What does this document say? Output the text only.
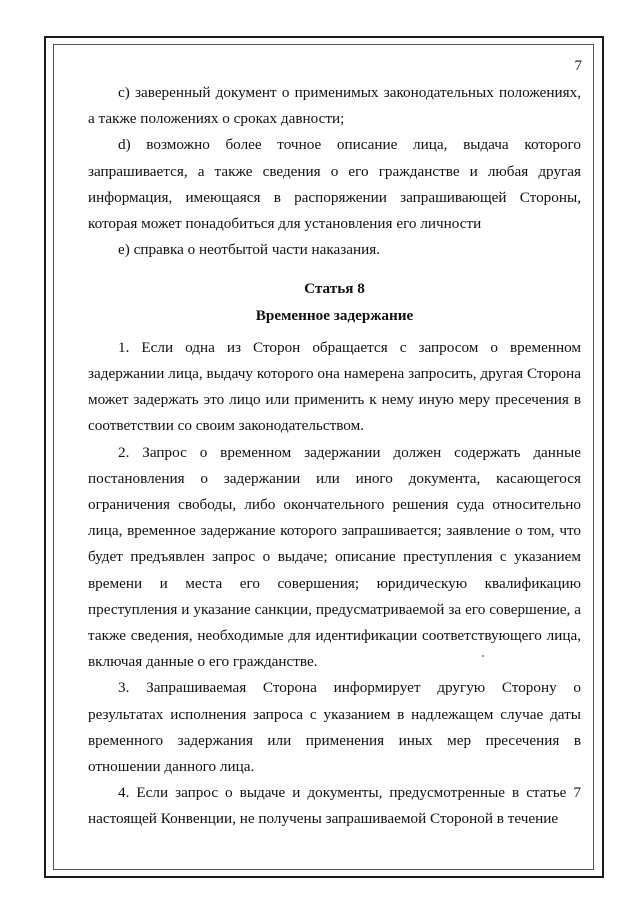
7

c) заверенный документ о применимых законодательных положениях, а также положениях о сроках давности;

d) возможно более точное описание лица, выдача которого запрашивается, а также сведения о его гражданстве и любая другая информация, имеющаяся в распоряжении запрашивающей Стороны, которая может понадобиться для установления его личности

e) справка о неотбытой части наказания.

Статья 8

Временное задержание

1. Если одна из Сторон обращается с запросом о временном задержании лица, выдачу которого она намерена запросить, другая Сторона может задержать это лицо или применить к нему иную меру пресечения в соответствии со своим законодательством.

2. Запрос о временном задержании должен содержать данные постановления о задержании или иного документа, касающегося ограничения свободы, либо окончательного решения суда относительно лица, временное задержание которого запрашивается; заявление о том, что будет предъявлен запрос о выдаче; описание преступления с указанием времени и места его совершения; юридическую квалификацию преступления и указание санкции, предусматриваемой за его совершение, а также сведения, необходимые для идентификации соответствующего лица, включая данные о его гражданстве.

3. Запрашиваемая Сторона информирует другую Сторону о результатах исполнения запроса с указанием в надлежащем случае даты временного задержания или применения иных мер пресечения в отношении данного лица.

4. Если запрос о выдаче и документы, предусмотренные в статье 7 настоящей Конвенции, не получены запрашиваемой Стороной в течение
